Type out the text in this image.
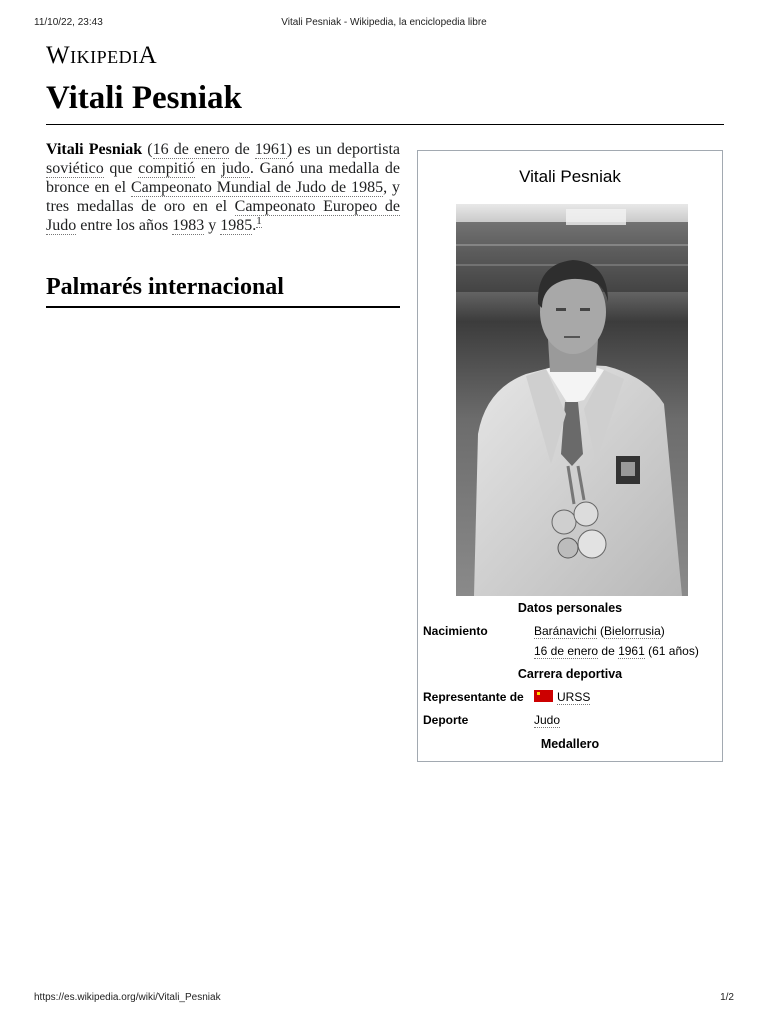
11/10/22, 23:43	Vitali Pesniak - Wikipedia, la enciclopedia libre
WIKIPEDIA
Vitali Pesniak

Vitali Pesniak (16 de enero de 1961) es un deportista soviético que compitió en judo. Ganó una medalla de bronce en el Campeonato Mundial de Judo de 1985, y tres medallas de oro en el Campeonato Europeo de Judo entre los años 1983 y 1985.$^1$

Palmarés internacional
Vitali Pesniak
Datos personales
Nacimiento	Baránavichi (Bielorrusia)
16 de enero de 1961 (61 años)
Carrera deportiva
Representante de	URSS
Deporte	Judo
Medallero
https://es.wikipedia.org/wiki/Vitali_Pesniak	1/2
